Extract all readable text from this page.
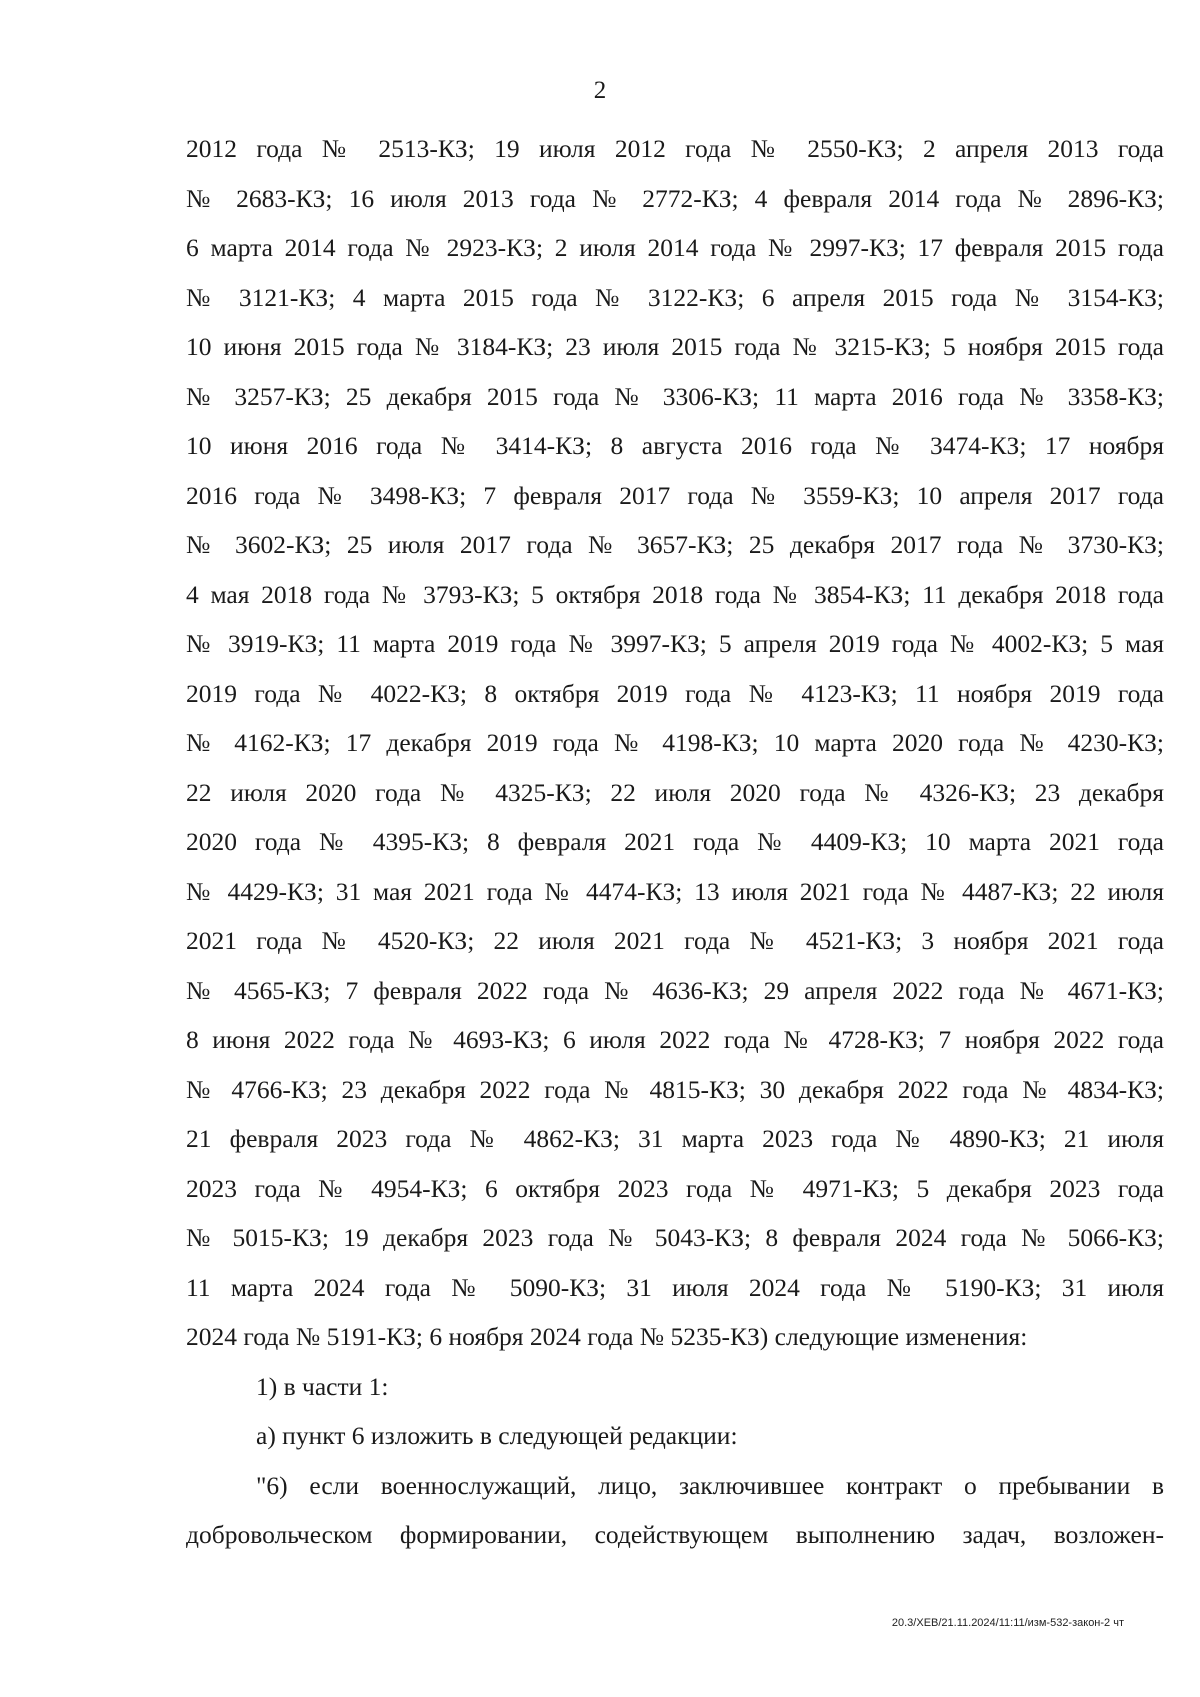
2
2012 года № 2513-КЗ; 19 июля 2012 года № 2550-КЗ; 2 апреля 2013 года
№ 2683-КЗ; 16 июля 2013 года № 2772-КЗ; 4 февраля 2014 года № 2896-КЗ;
6 марта 2014 года № 2923-КЗ; 2 июля 2014 года № 2997-КЗ; 17 февраля 2015 года
№ 3121-КЗ; 4 марта 2015 года № 3122-КЗ; 6 апреля 2015 года № 3154-КЗ;
10 июня 2015 года № 3184-КЗ; 23 июля 2015 года № 3215-КЗ; 5 ноября 2015 года
№ 3257-КЗ; 25 декабря 2015 года № 3306-КЗ; 11 марта 2016 года № 3358-КЗ;
10 июня 2016 года № 3414-КЗ; 8 августа 2016 года № 3474-КЗ; 17 ноября
2016 года № 3498-КЗ; 7 февраля 2017 года № 3559-КЗ; 10 апреля 2017 года
№ 3602-КЗ; 25 июля 2017 года № 3657-КЗ; 25 декабря 2017 года № 3730-КЗ;
4 мая 2018 года № 3793-КЗ; 5 октября 2018 года № 3854-КЗ; 11 декабря 2018 года
№ 3919-КЗ; 11 марта 2019 года № 3997-КЗ; 5 апреля 2019 года № 4002-КЗ; 5 мая
2019 года № 4022-КЗ; 8 октября 2019 года № 4123-КЗ; 11 ноября 2019 года
№ 4162-КЗ; 17 декабря 2019 года № 4198-КЗ; 10 марта 2020 года № 4230-КЗ;
22 июля 2020 года № 4325-КЗ; 22 июля 2020 года № 4326-КЗ; 23 декабря
2020 года № 4395-КЗ; 8 февраля 2021 года № 4409-КЗ; 10 марта 2021 года
№ 4429-КЗ; 31 мая 2021 года № 4474-КЗ; 13 июля 2021 года № 4487-КЗ; 22 июля
2021 года № 4520-КЗ; 22 июля 2021 года № 4521-КЗ; 3 ноября 2021 года
№ 4565-КЗ; 7 февраля 2022 года № 4636-КЗ; 29 апреля 2022 года № 4671-КЗ;
8 июня 2022 года № 4693-КЗ; 6 июля 2022 года № 4728-КЗ; 7 ноября 2022 года
№ 4766-КЗ; 23 декабря 2022 года № 4815-КЗ; 30 декабря 2022 года № 4834-КЗ;
21 февраля 2023 года № 4862-КЗ; 31 марта 2023 года № 4890-КЗ; 21 июля
2023 года № 4954-КЗ; 6 октября 2023 года № 4971-КЗ; 5 декабря 2023 года
№ 5015-КЗ; 19 декабря 2023 года № 5043-КЗ; 8 февраля 2024 года № 5066-КЗ;
11 марта 2024 года № 5090-КЗ; 31 июля 2024 года № 5190-КЗ; 31 июля
2024 года № 5191-КЗ; 6 ноября 2024 года № 5235-КЗ) следующие изменения:
1) в части 1:
а) пункт 6 изложить в следующей редакции:
"6) если военнослужащий, лицо, заключившее контракт о пребывании в
добровольческом формировании, содействующем выполнению задач, возложен-
20.3/ХЕВ/21.11.2024/11:11/изм-532-закон-2 чт
